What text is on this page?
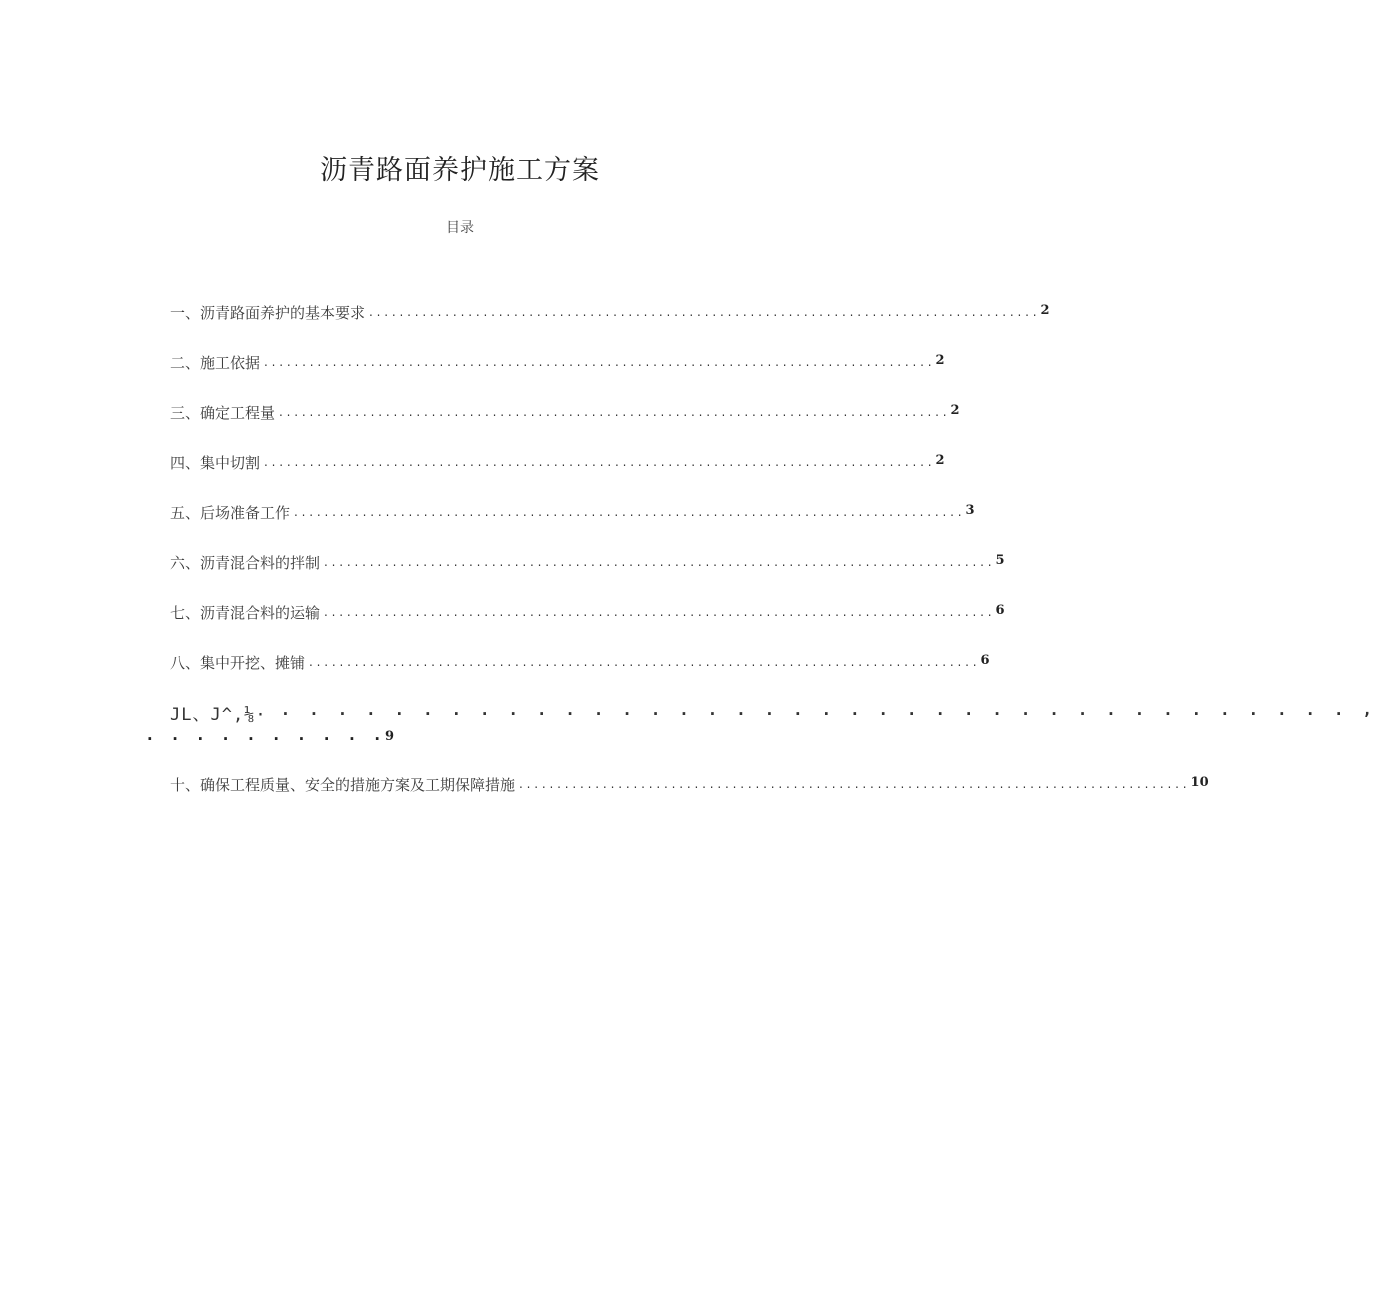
沥青路面养护施工方案
目录
一、沥青路面养护的基本要求 . . .	2
二、施工依据 . . .	2
三、确定工程量 . . .	2
四、集中切割 . . .	2
五、后场准备工作 . . .	3
六、沥青混合料的拌制 . . .	5
七、沥青混合料的运输 . . .	6
八、集中开挖、摊铺 . . .	6
JL、J^,⅛· . . . . . . . . . . . . . . . . . . . . . . . . . . . . . . . . . . . . . . ,
. . . . . . . . . .9
十、确保工程质量、安全的措施方案及工期保障措施 . . .	10
